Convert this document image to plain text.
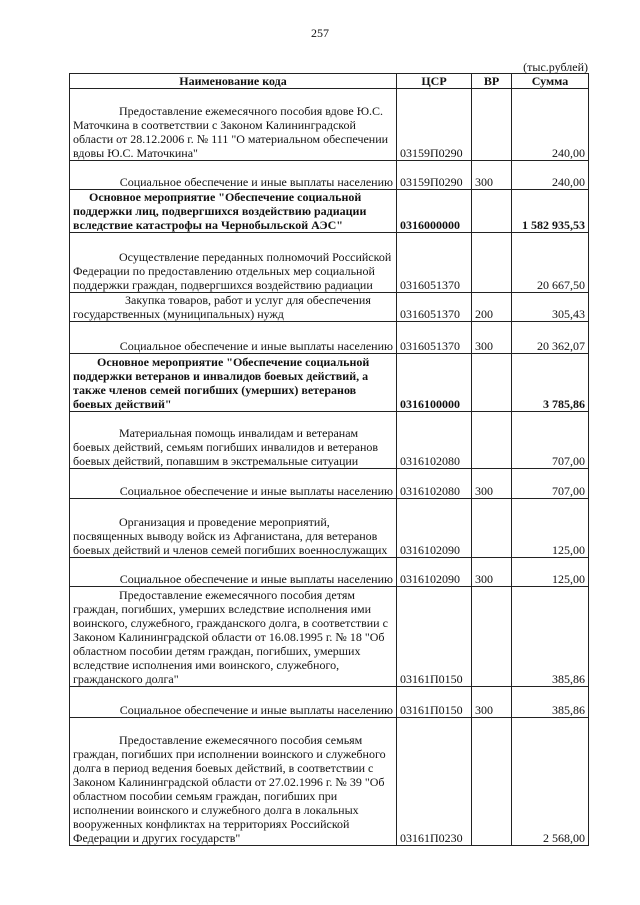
257
(тыс.рублей)
Наименование кода	ЦСР	ВР	Сумма
Предоставление ежемесячного пособия вдове Ю.С. Маточкина в соответствии с Законом Калининградской области от 28.12.2006 г. № 111 "О материальном обеспечении вдовы Ю.С. Маточкина"	03159П0290		240,00
Социальное обеспечение и иные выплаты населению	03159П0290	300	240,00
Основное мероприятие "Обеспечение социальной поддержки лиц, подвергшихся воздействию радиации вследствие катастрофы на Чернобыльской АЭС"	0316000000		1 582 935,53
Осуществление переданных полномочий Российской Федерации по предоставлению отдельных мер социальной поддержки граждан, подвергшихся воздействию радиации	0316051370		20 667,50
Закупка товаров, работ и услуг для обеспечения государственных (муниципальных) нужд	0316051370	200	305,43
Социальное обеспечение и иные выплаты населению	0316051370	300	20 362,07
Основное мероприятие "Обеспечение социальной поддержки ветеранов и инвалидов боевых действий, а также членов семей погибших (умерших) ветеранов боевых действий"	0316100000		3 785,86
Материальная помощь инвалидам и ветеранам боевых действий, семьям погибших инвалидов и ветеранов боевых действий, попавшим в экстремальные ситуации	0316102080		707,00
Социальное обеспечение и иные выплаты населению	0316102080	300	707,00
Организация и проведение мероприятий, посвященных выводу войск из Афганистана, для ветеранов боевых действий и членов семей погибших военнослужащих	0316102090		125,00
Социальное обеспечение и иные выплаты населению	0316102090	300	125,00
Предоставление ежемесячного пособия детям граждан, погибших, умерших вследствие исполнения ими воинского, служебного, гражданского долга, в соответствии с Законом Калининградской области от 16.08.1995 г. № 18 "Об областном пособии детям граждан, погибших, умерших вследствие исполнения ими воинского, служебного, гражданского долга"	03161П0150		385,86
Социальное обеспечение и иные выплаты населению	03161П0150	300	385,86
Предоставление ежемесячного пособия семьям граждан, погибших при исполнении воинского и служебного долга в период ведения боевых действий, в соответствии с Законом Калининградской области от 27.02.1996 г. № 39 "Об областном пособии семьям граждан, погибших при исполнении воинского и служебного долга в локальных вооруженных конфликтах на территориях Российской Федерации и других государств"	03161П0230		2 568,00
